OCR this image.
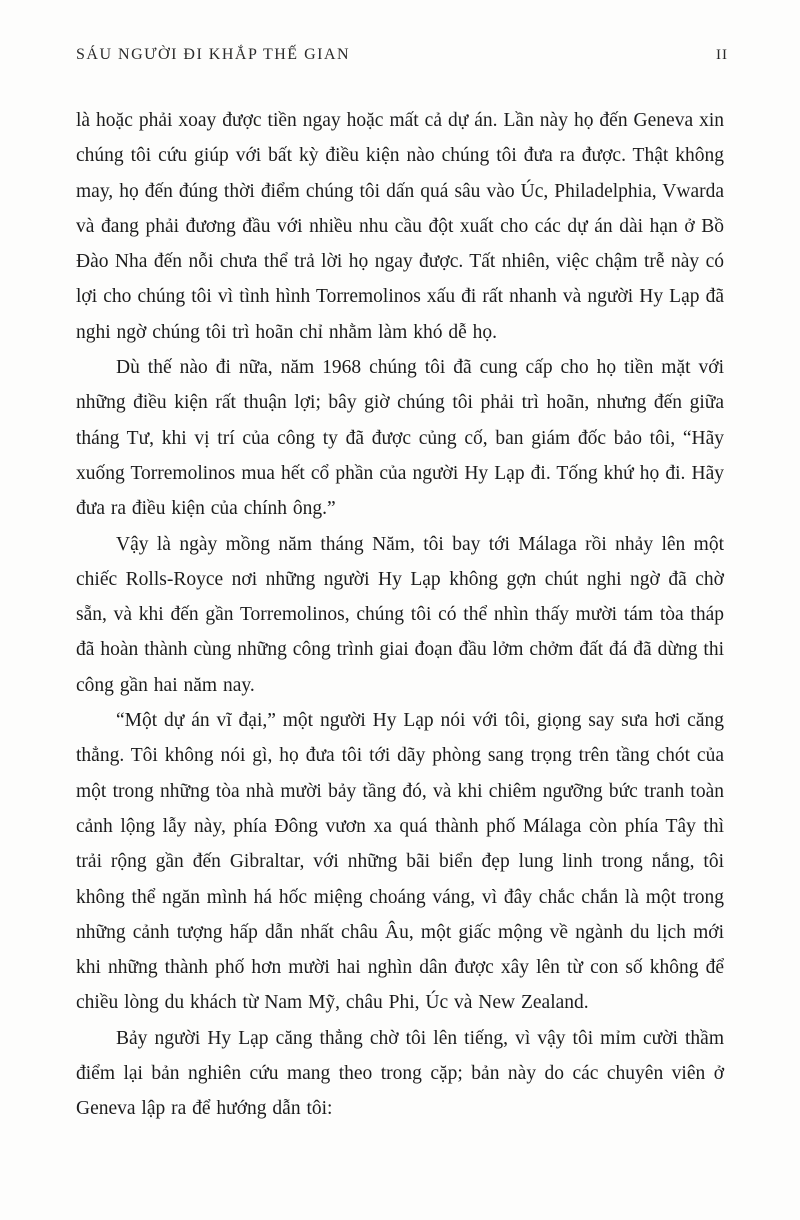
SÁU NGƯỜI ĐI KHẮP THẾ GIAN	II

là hoặc phải xoay được tiền ngay hoặc mất cả dự án. Lần này họ đến Geneva xin chúng tôi cứu giúp với bất kỳ điều kiện nào chúng tôi đưa ra được. Thật không may, họ đến đúng thời điểm chúng tôi dấn quá sâu vào Úc, Philadelphia, Vwarda và đang phải đương đầu với nhiều nhu cầu đột xuất cho các dự án dài hạn ở Bồ Đào Nha đến nỗi chưa thể trả lời họ ngay được. Tất nhiên, việc chậm trễ này có lợi cho chúng tôi vì tình hình Torremolinos xấu đi rất nhanh và người Hy Lạp đã nghi ngờ chúng tôi trì hoãn chỉ nhằm làm khó dễ họ.

Dù thế nào đi nữa, năm 1968 chúng tôi đã cung cấp cho họ tiền mặt với những điều kiện rất thuận lợi; bây giờ chúng tôi phải trì hoãn, nhưng đến giữa tháng Tư, khi vị trí của công ty đã được củng cố, ban giám đốc bảo tôi, “Hãy xuống Torremolinos mua hết cổ phần của người Hy Lạp đi. Tống khứ họ đi. Hãy đưa ra điều kiện của chính ông.”

Vậy là ngày mồng năm tháng Năm, tôi bay tới Málaga rồi nhảy lên một chiếc Rolls-Royce nơi những người Hy Lạp không gợn chút nghi ngờ đã chờ sẵn, và khi đến gần Torremolinos, chúng tôi có thể nhìn thấy mười tám tòa tháp đã hoàn thành cùng những công trình giai đoạn đầu lởm chởm đất đá đã dừng thi công gần hai năm nay.

“Một dự án vĩ đại,” một người Hy Lạp nói với tôi, giọng say sưa hơi căng thẳng. Tôi không nói gì, họ đưa tôi tới dãy phòng sang trọng trên tầng chót của một trong những tòa nhà mười bảy tầng đó, và khi chiêm ngưỡng bức tranh toàn cảnh lộng lẫy này, phía Đông vươn xa quá thành phố Málaga còn phía Tây thì trải rộng gần đến Gibraltar, với những bãi biển đẹp lung linh trong nắng, tôi không thể ngăn mình há hốc miệng choáng váng, vì đây chắc chắn là một trong những cảnh tượng hấp dẫn nhất châu Âu, một giấc mộng về ngành du lịch mới khi những thành phố hơn mười hai nghìn dân được xây lên từ con số không để chiều lòng du khách từ Nam Mỹ, châu Phi, Úc và New Zealand.

Bảy người Hy Lạp căng thẳng chờ tôi lên tiếng, vì vậy tôi mỉm cười thầm điểm lại bản nghiên cứu mang theo trong cặp; bản này do các chuyên viên ở Geneva lập ra để hướng dẫn tôi:
